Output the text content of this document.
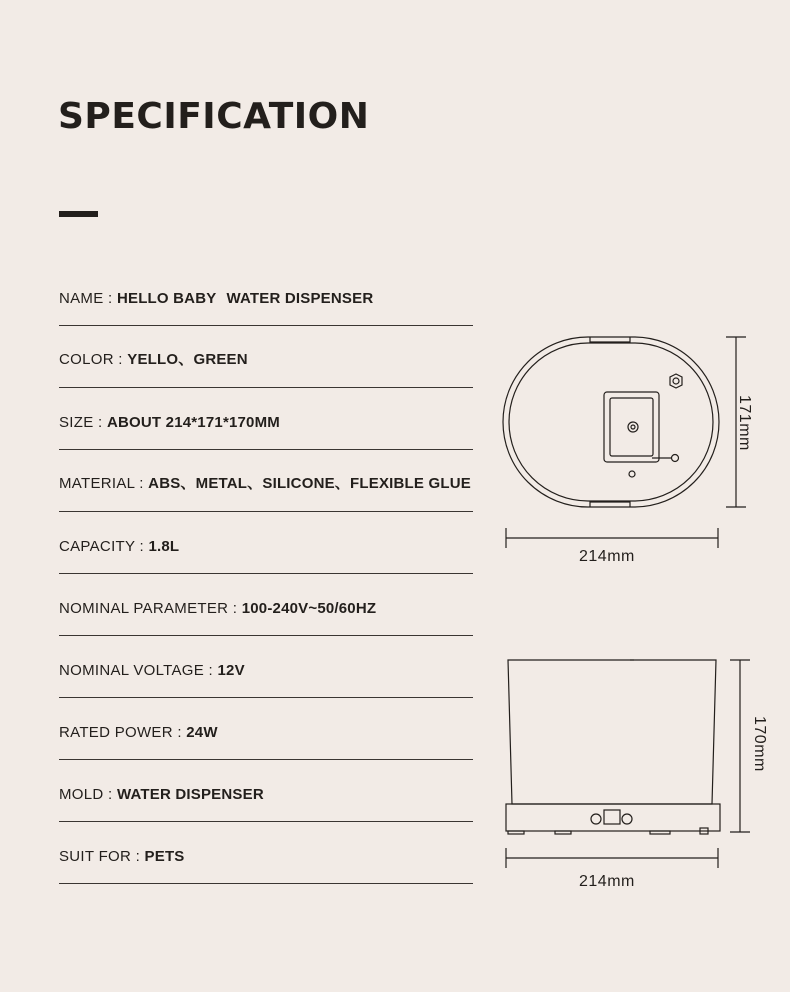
SPECIFICATION
NAME : HELLO BABY WATER DISPENSER
COLOR : YELLO、GREEN
SIZE : ABOUT 214*171*170MM
MATERIAL : ABS、METAL、SILICONE、FLEXIBLE GLUE
CAPACITY : 1.8L
NOMINAL PARAMETER : 100-240V~50/60HZ
NOMINAL VOLTAGE : 12V
RATED POWER : 24W
MOLD : WATER DISPENSER
SUIT FOR : PETS
214mm
171mm
214mm
170mm
